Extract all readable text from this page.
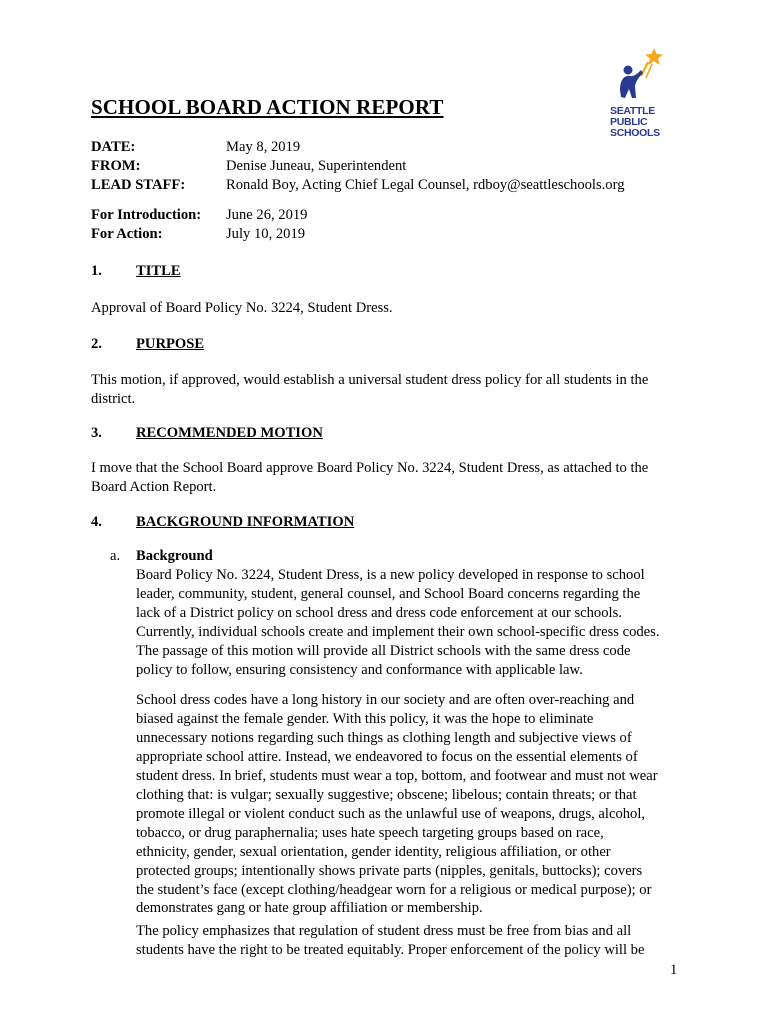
SEATTLE
PUBLIC
SCHOOLS
SCHOOL BOARD ACTION REPORT
DATE:	May 8, 2019
FROM:	Denise Juneau, Superintendent
LEAD STAFF:	Ronald Boy, Acting Chief Legal Counsel, rdboy@seattleschools.org
For Introduction:	June 26, 2019
For Action:	July 10, 2019
1.	TITLE

Approval of Board Policy No. 3224, Student Dress.

2.	PURPOSE

This motion, if approved, would establish a universal student dress policy for all students in the district.

3.	RECOMMENDED MOTION

I move that the School Board approve Board Policy No. 3224, Student Dress, as attached to the Board Action Report.

4.	BACKGROUND INFORMATION
a.	Background
Board Policy No. 3224, Student Dress, is a new policy developed in response to school
leader, community, student, general counsel, and School Board concerns regarding the
lack of a District policy on school dress and dress code enforcement at our schools.
Currently, individual schools create and implement their own school-specific dress codes.
The passage of this motion will provide all District schools with the same dress code
policy to follow, ensuring consistency and conformance with applicable law.
School dress codes have a long history in our society and are often over-reaching and
biased against the female gender. With this policy, it was the hope to eliminate
unnecessary notions regarding such things as clothing length and subjective views of
appropriate school attire. Instead, we endeavored to focus on the essential elements of
student dress. In brief, students must wear a top, bottom, and footwear and must not wear
clothing that: is vulgar; sexually suggestive; obscene; libelous; contain threats; or that
promote illegal or violent conduct such as the unlawful use of weapons, drugs, alcohol,
tobacco, or drug paraphernalia; uses hate speech targeting groups based on race,
ethnicity, gender, sexual orientation, gender identity, religious affiliation, or other
protected groups; intentionally shows private parts (nipples, genitals, buttocks); covers
the student’s face (except clothing/headgear worn for a religious or medical purpose); or
demonstrates gang or hate group affiliation or membership.
The policy emphasizes that regulation of student dress must be free from bias and all
students have the right to be treated equitably. Proper enforcement of the policy will be
1
